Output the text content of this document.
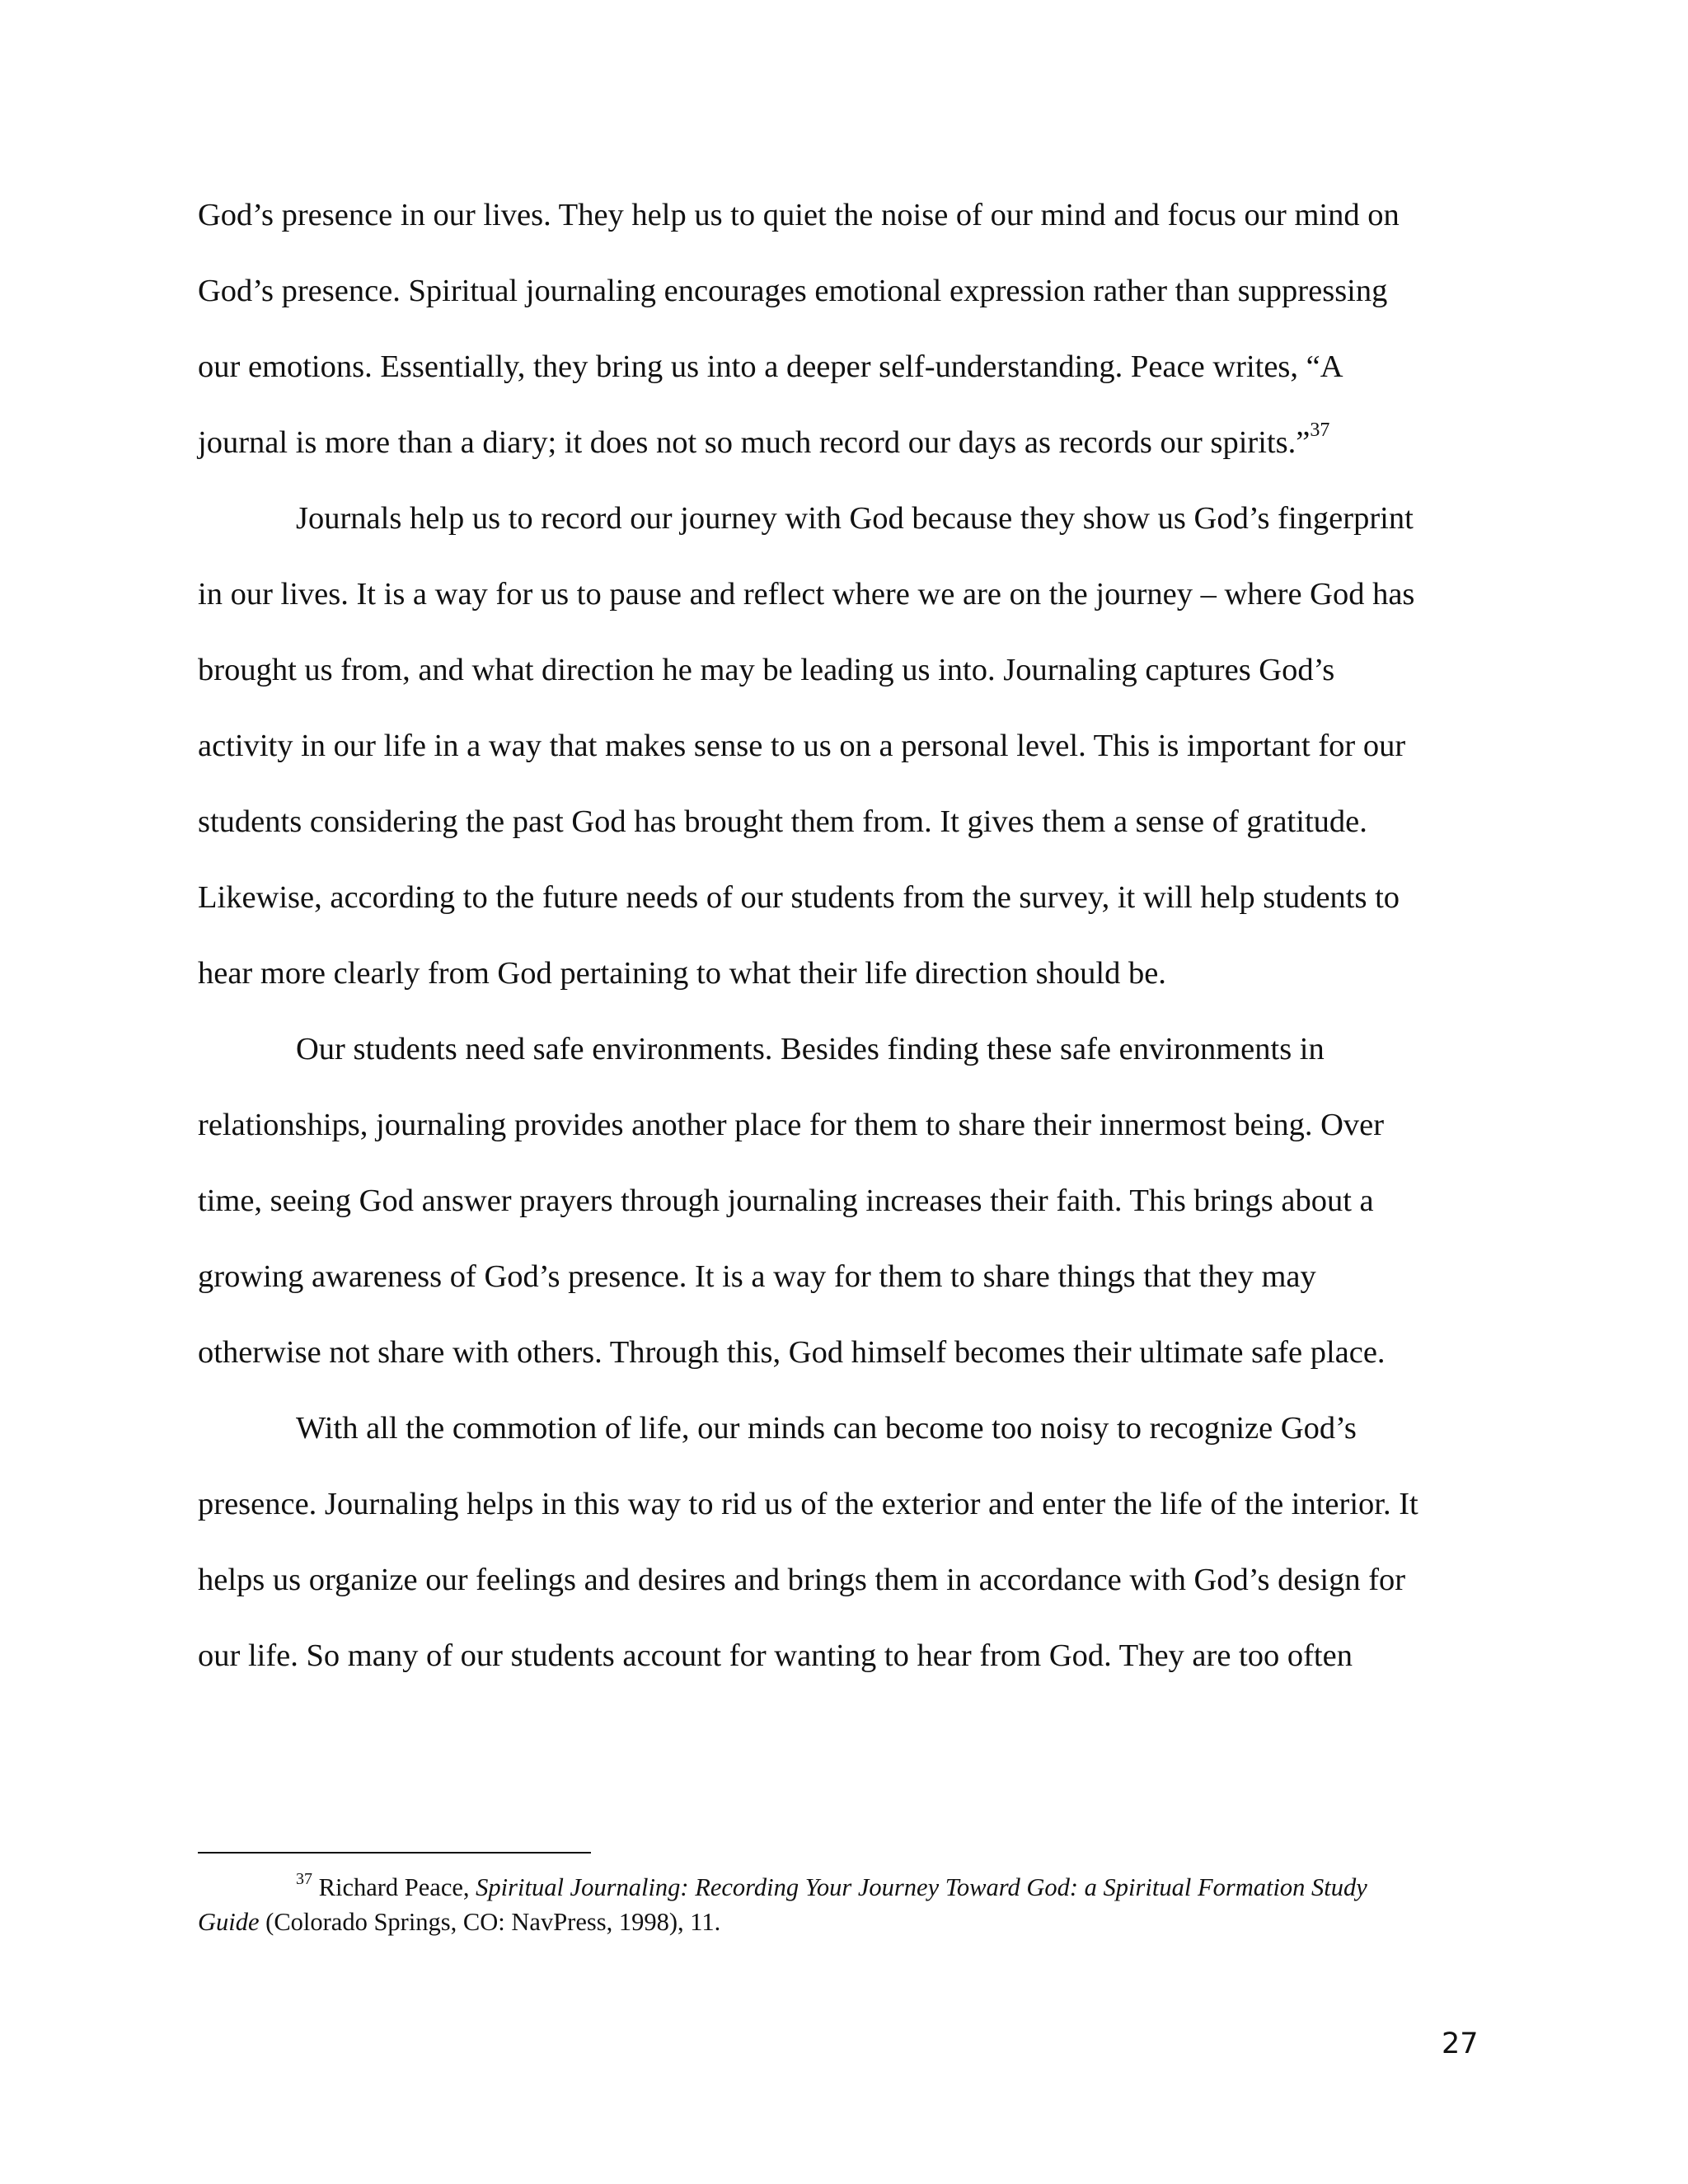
God’s presence in our lives. They help us to quiet the noise of our mind and focus our mind on
God’s presence. Spiritual journaling encourages emotional expression rather than suppressing
our emotions. Essentially, they bring us into a deeper self-understanding. Peace writes, “A
journal is more than a diary; it does not so much record our days as records our spirits.”$^{37}$
Journals help us to record our journey with God because they show us God’s fingerprint
in our lives. It is a way for us to pause and reflect where we are on the journey – where God has
brought us from, and what direction he may be leading us into. Journaling captures God’s
activity in our life in a way that makes sense to us on a personal level. This is important for our
students considering the past God has brought them from. It gives them a sense of gratitude.
Likewise, according to the future needs of our students from the survey, it will help students to
hear more clearly from God pertaining to what their life direction should be.
Our students need safe environments. Besides finding these safe environments in
relationships, journaling provides another place for them to share their innermost being. Over
time, seeing God answer prayers through journaling increases their faith. This brings about a
growing awareness of God’s presence. It is a way for them to share things that they may
otherwise not share with others. Through this, God himself becomes their ultimate safe place.
With all the commotion of life, our minds can become too noisy to recognize God’s
presence. Journaling helps in this way to rid us of the exterior and enter the life of the interior. It
helps us organize our feelings and desires and brings them in accordance with God’s design for
our life. So many of our students account for wanting to hear from God. They are too often
$^{37}$ Richard Peace, Spiritual Journaling: Recording Your Journey Toward God: a Spiritual Formation Study
Guide (Colorado Springs, CO: NavPress, 1998), 11.
27
